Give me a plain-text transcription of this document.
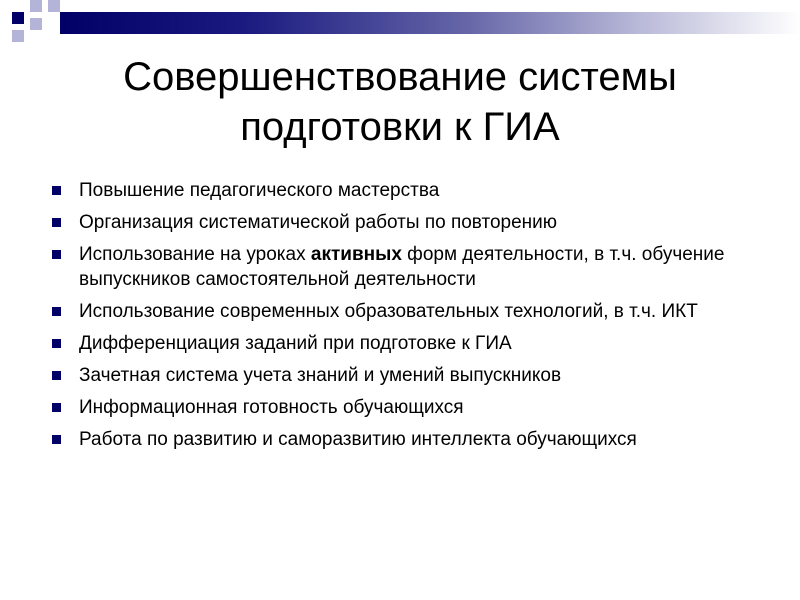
Совершенствование системы
подготовки к ГИА
Повышение педагогического мастерства
Организация систематической работы по повторению
Использование на уроках активных форм деятельности, в т.ч. обучение выпускников самостоятельной деятельности
Использование современных образовательных технологий, в т.ч. ИКТ
Дифференциация заданий при подготовке к ГИА
Зачетная система учета знаний и умений выпускников
Информационная готовность обучающихся
Работа по развитию и саморазвитию интеллекта обучающихся
